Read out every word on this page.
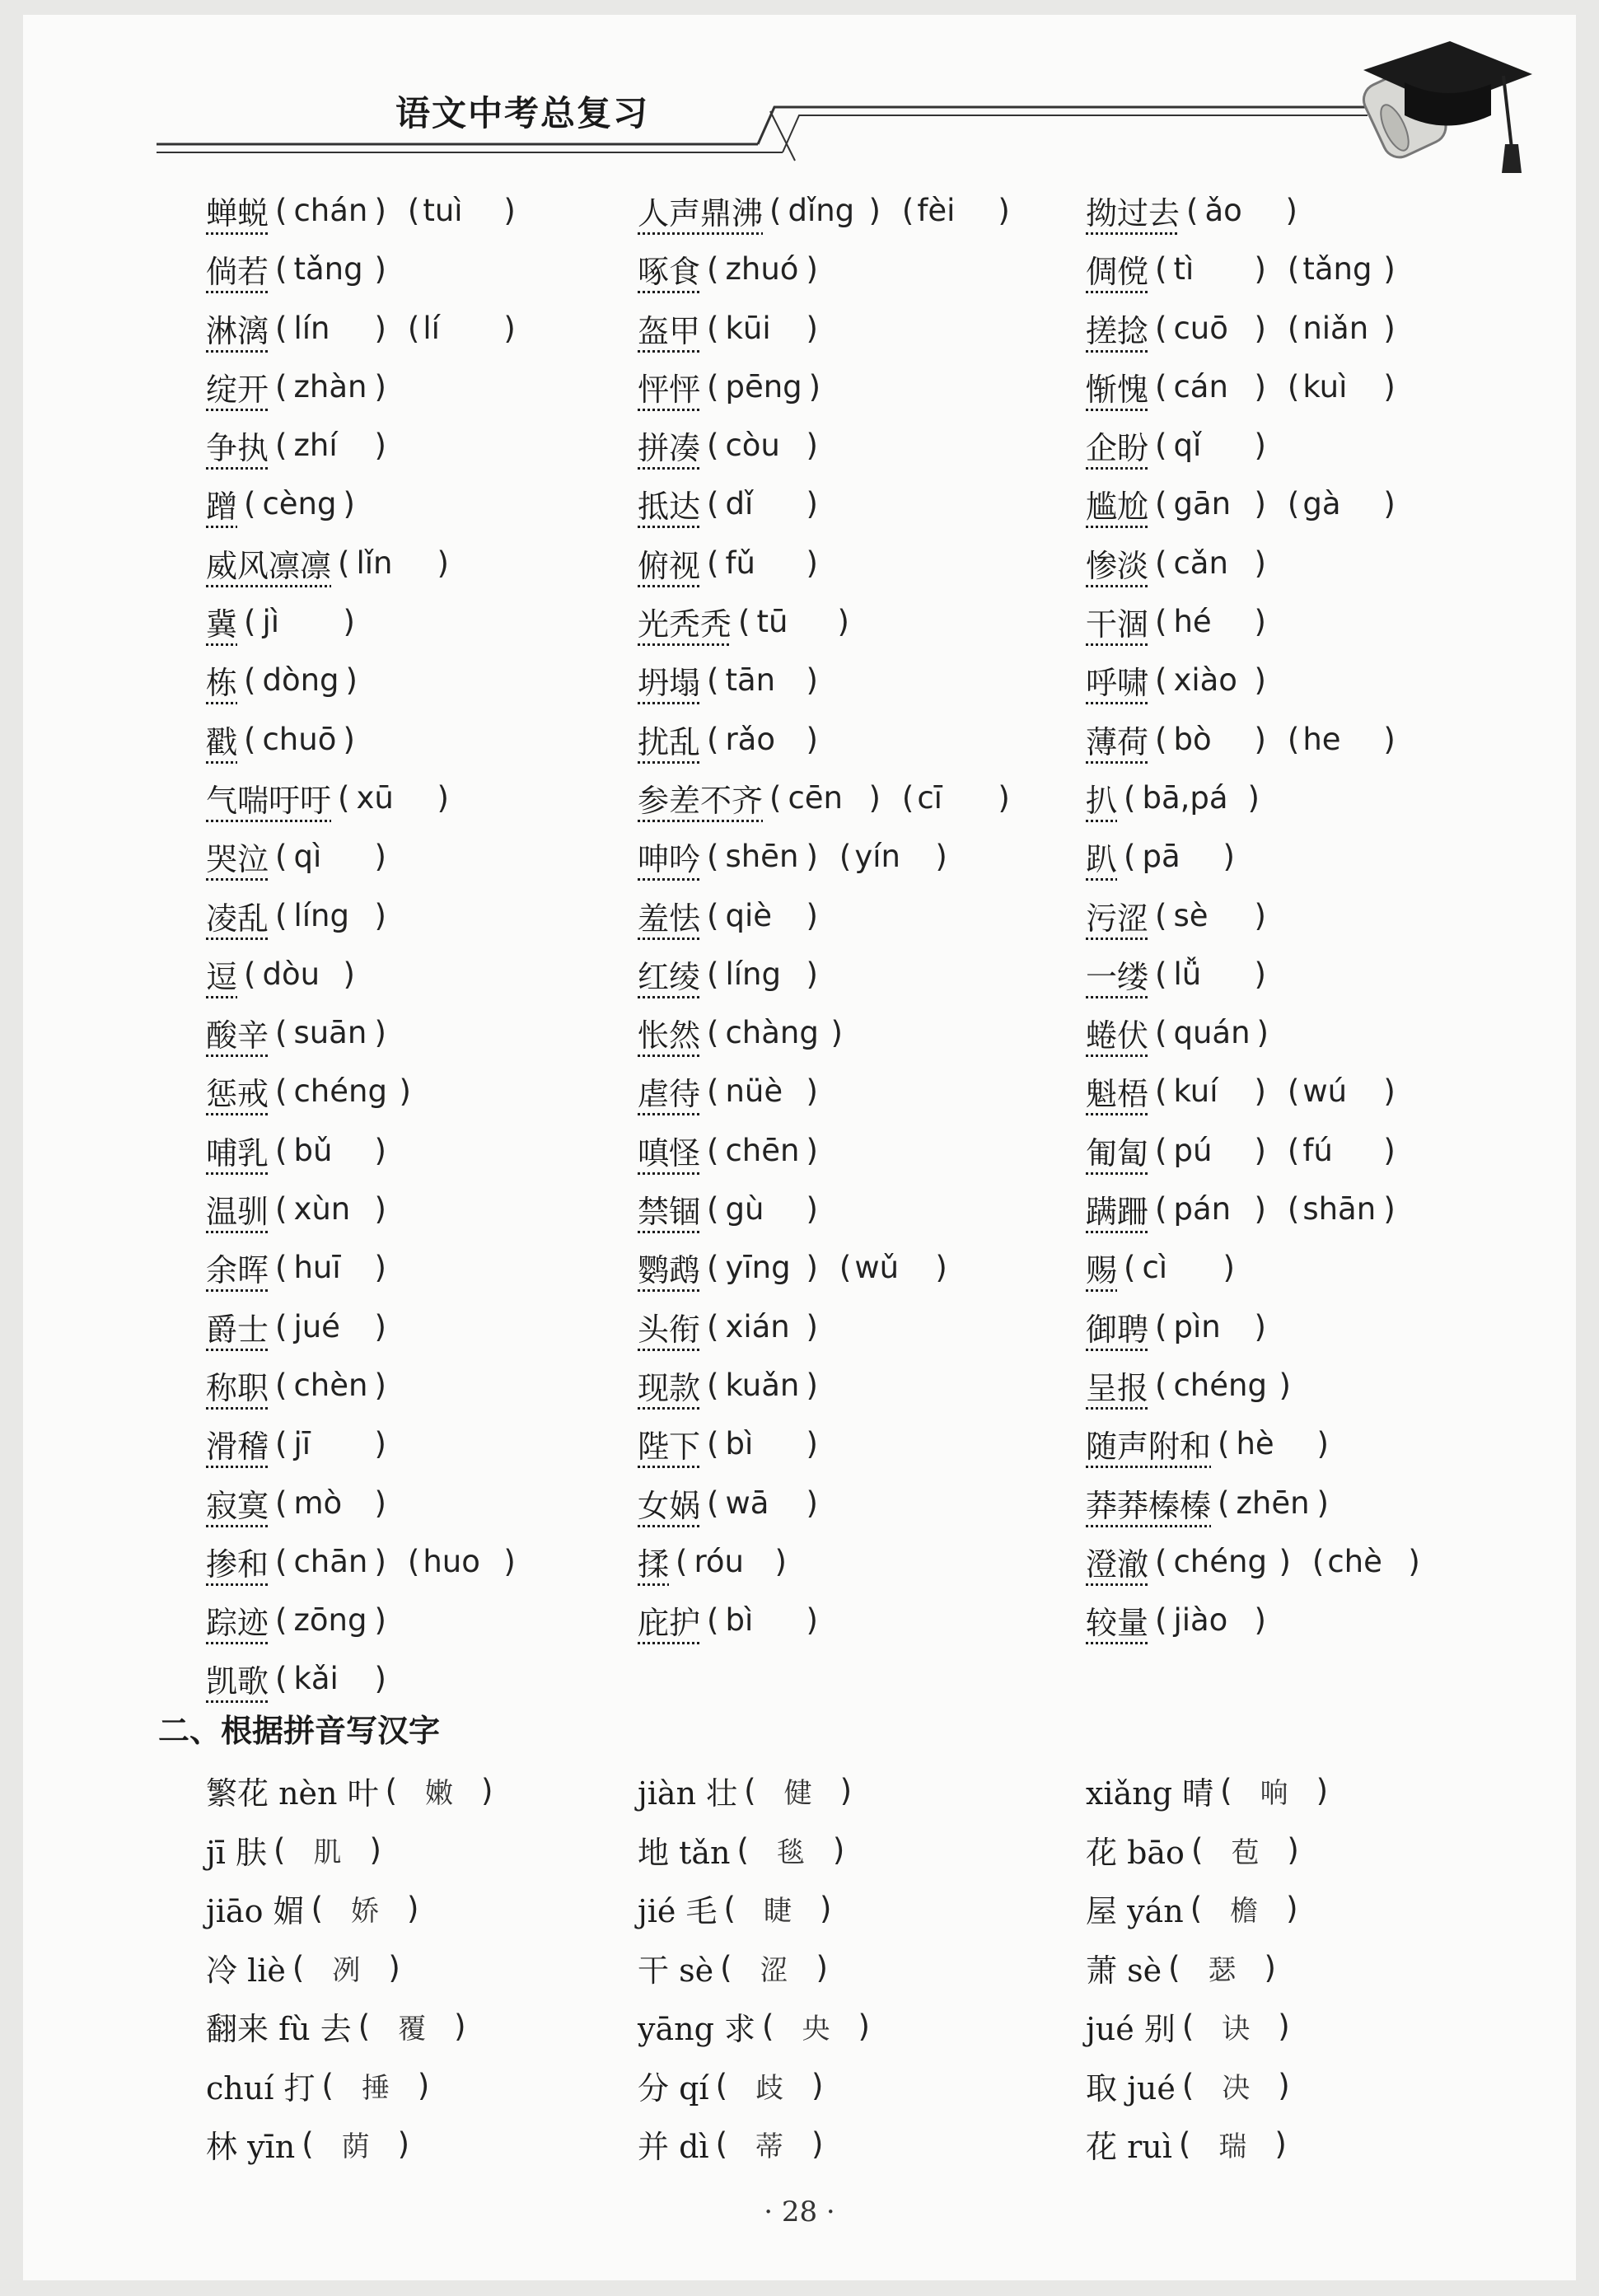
语文中考总复习
蝉蜕 ( chán ) ( tuì	)	人声鼎沸 ( dǐng ) ( fèi	) 拗过去 ( ǎo	)
倘若 ( tǎng )	啄食 ( zhuó )	倜傥 ( tì	) ( tǎng )
淋漓 ( lín	) ( lí	)	盔甲 ( kūi	)	搓捻 ( cuō ) ( niǎn )
绽开 ( zhàn )	怦怦 ( pēng )	惭愧 ( cán ) ( kuì	)
争执 ( zhí	)	拼凑 ( còu )	企盼 ( qǐ	)
蹭 ( cèng )	抵达 ( dǐ	)	尴尬 ( gān ) ( gà	)
威风凛凛 ( lǐn	)	俯视 ( fǔ	)	惨淡 ( cǎn )
冀 ( jì	)	光秃秃 ( tū	)	干涸 ( hé	)
栋 ( dòng )	坍塌 ( tān	)	呼啸 ( xiào )
戳 ( chuō )	扰乱 ( rǎo	)	薄荷 ( bò	) ( he	)
气喘吁吁 ( xū	)	参差不齐 ( cēn ) ( cī	) 扒 ( bā,pá )
哭泣 ( qì	)	呻吟 ( shēn ) ( yín	)	趴 ( pā	)
凌乱 ( líng )	羞怯 ( qiè	)	污涩 ( sè	)
逗 ( dòu )	红绫 ( líng )	一缕 ( lǚ	)
酸辛 ( suān )	怅然 ( chàng )	蜷伏 ( quán )
惩戒 ( chéng )	虐待 ( nüè )	魁梧 ( kuí	) ( wú	)
哺乳 ( bǔ	)	嗔怪 ( chēn )	匍匐 ( pú	) ( fú	)
温驯 ( xùn )	禁锢 ( gù	)	蹒跚 ( pán ) ( shān )
余晖 ( huī	)	鹦鹉 ( yīng ) ( wǔ	)	赐 ( cì	)
爵士 ( jué	)	头衔 ( xián )	御聘 ( pìn	)
称职 ( chèn )	现款 ( kuǎn )	呈报 ( chéng )
滑稽 ( jī	)	陛下 ( bì	)	随声附和 ( hè	)
寂寞 ( mò	)	女娲 ( wā	)	莽莽榛榛 ( zhēn )
掺和 ( chān ) ( huo )	揉 ( róu	)	澄澈 ( chéng ) ( chè )
踪迹 ( zōng )	庇护 ( bì	)	较量 ( jiào )
凯歌 ( kǎi	)
二、根据拼音写汉字
繁花 nèn 叶 ( 嫩 )	jiàn 壮 ( 健 )	xiǎng 晴 ( 响 )
jī 肤 ( 肌 )	地 tǎn ( 毯 )	花 bāo ( 苞 )
jiāo 媚 ( 娇 )	jié 毛 ( 睫 )	屋 yán ( 檐 )
冷 liè ( 冽 )	干 sè ( 涩 )	萧 sè ( 瑟 )
翻来 fù 去 ( 覆 )	yāng 求 ( 央 )	jué 别 ( 诀 )
chuí 打 ( 捶 )	分 qí ( 歧 )	取 jué ( 决 )
林 yīn ( 荫 )	并 dì ( 蒂 )	花 ruì ( 瑞 )
· 28 ·
